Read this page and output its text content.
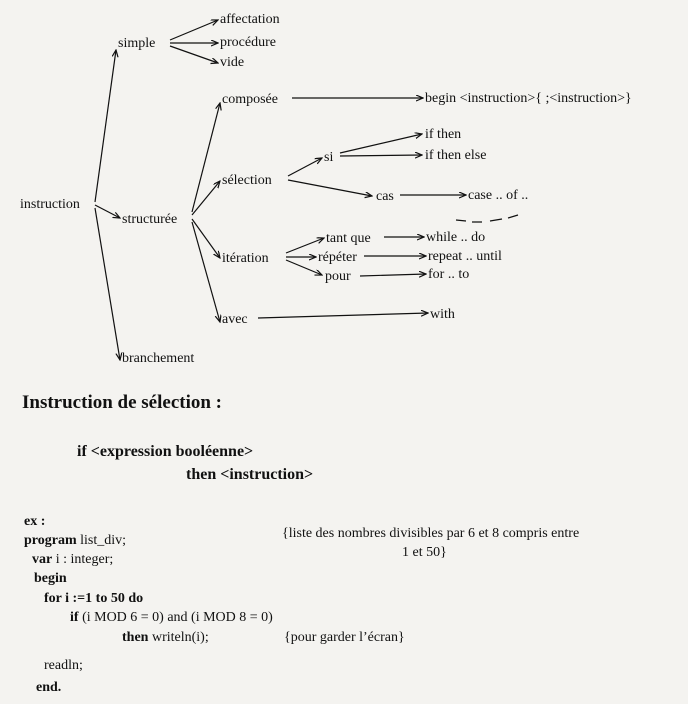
instruction
simple
affectation
procédure
vide
structurée
composée	begin <instruction>{ ;<instruction>}
sélection
si
if then
if then else
cas	case .. of ..
itération
tant que	while .. do
répéter	repeat .. until
pour	for .. to
avec	with
branchement
Instruction de sélection :
if <expression booléenne>
then <instruction>
ex :
program list_div;
var i : integer;
begin
for i :=1 to 50 do
if (i MOD 6 = 0) and (i MOD 8 = 0)
then writeln(i);
readln;
end.
{liste des nombres divisibles par 6 et 8 compris entre
1 et 50}
{pour garder l’écran}
